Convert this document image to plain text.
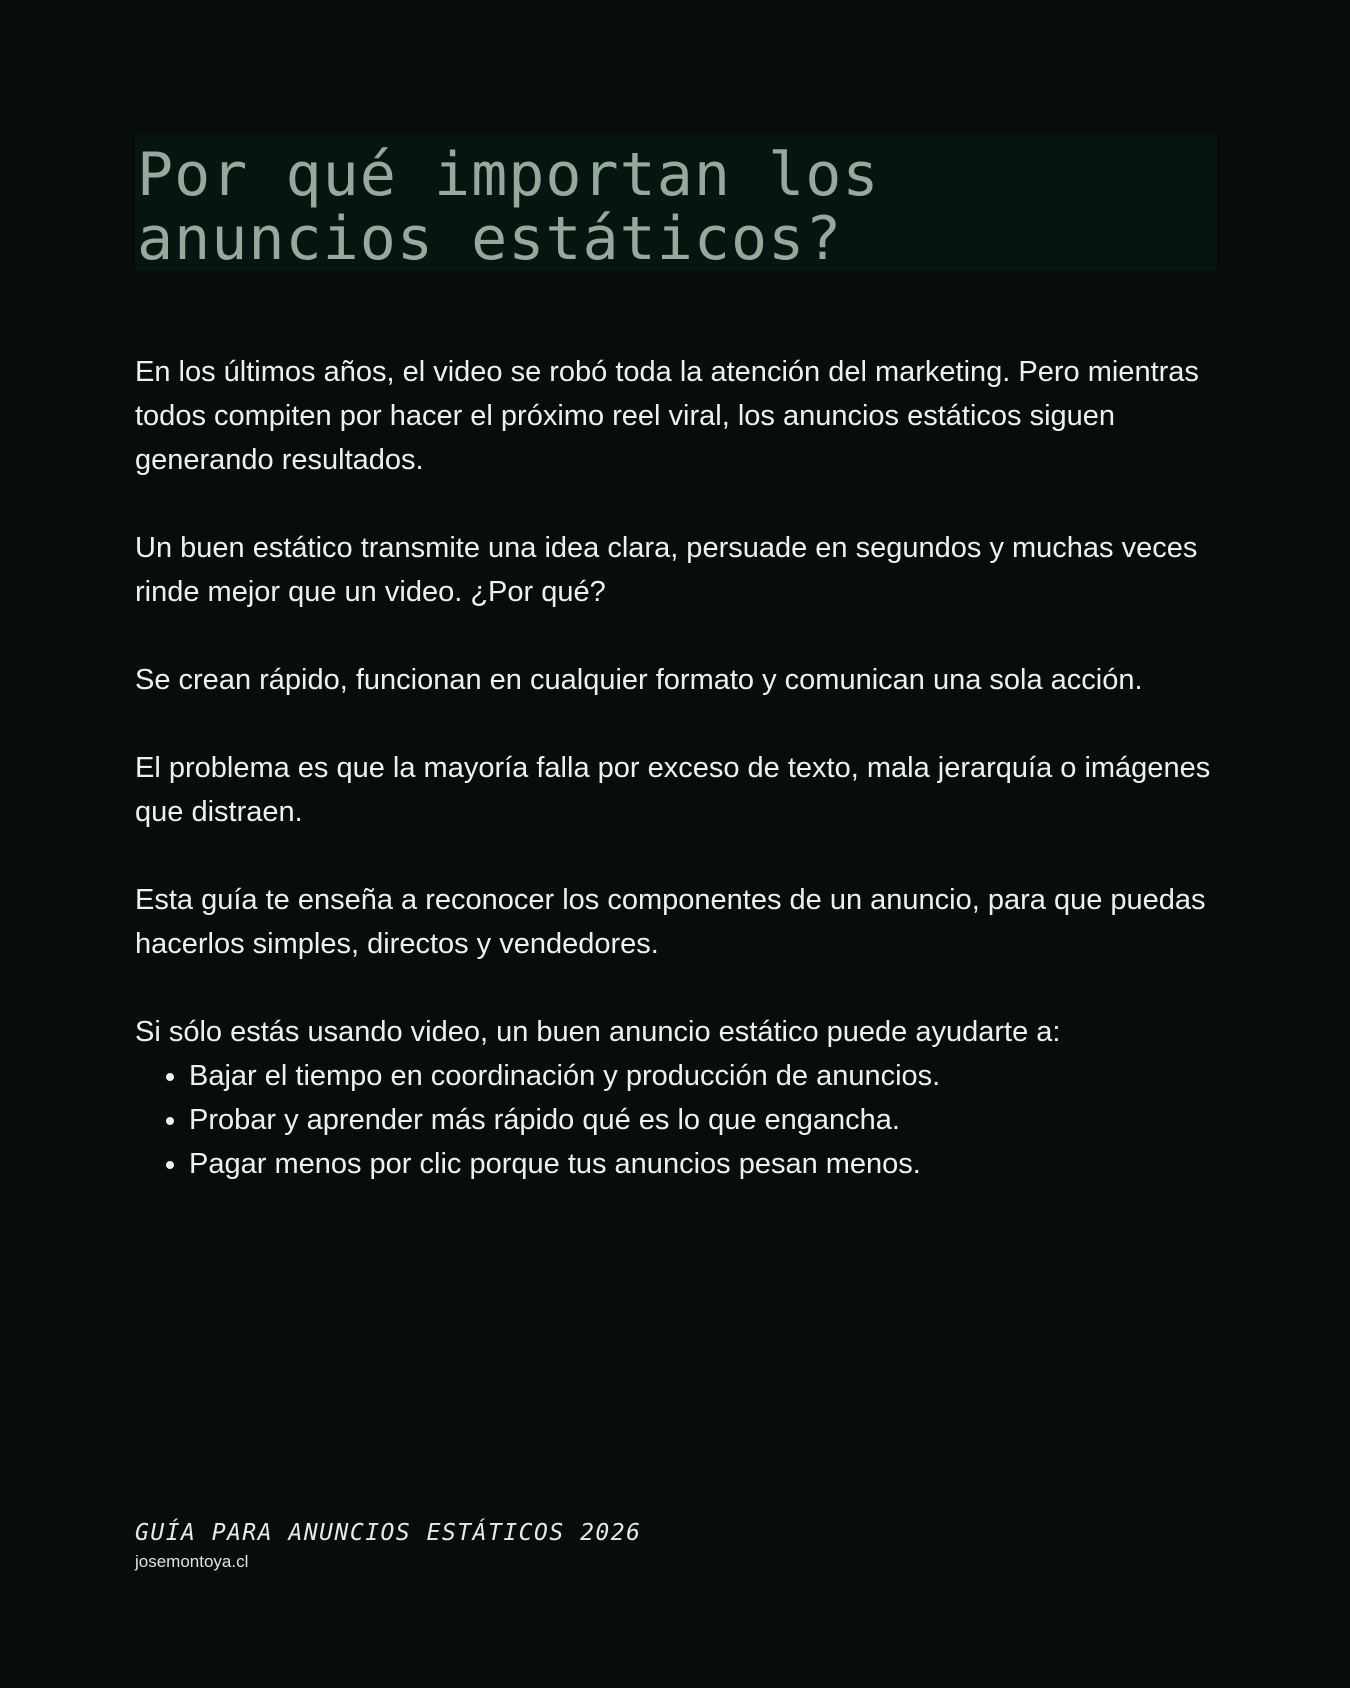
Por qué importan los
anuncios estáticos?

En los últimos años, el video se robó toda la atención del marketing. Pero mientras todos compiten por hacer el próximo reel viral, los anuncios estáticos siguen generando resultados.

Un buen estático transmite una idea clara, persuade en segundos y muchas veces rinde mejor que un video. ¿Por qué?

Se crean rápido, funcionan en cualquier formato y comunican una sola acción.

El problema es que la mayoría falla por exceso de texto, mala jerarquía o imágenes que distraen.

Esta guía te enseña a reconocer los componentes de un anuncio, para que puedas hacerlos simples, directos y vendedores.

Si sólo estás usando video, un buen anuncio estático puede ayudarte a:

• Bajar el tiempo en coordinación y producción de anuncios.
• Probar y aprender más rápido qué es lo que engancha.
• Pagar menos por clic porque tus anuncios pesan menos.
GUÍA PARA ANUNCIOS ESTÁTICOS 2026
josemontoya.cl
